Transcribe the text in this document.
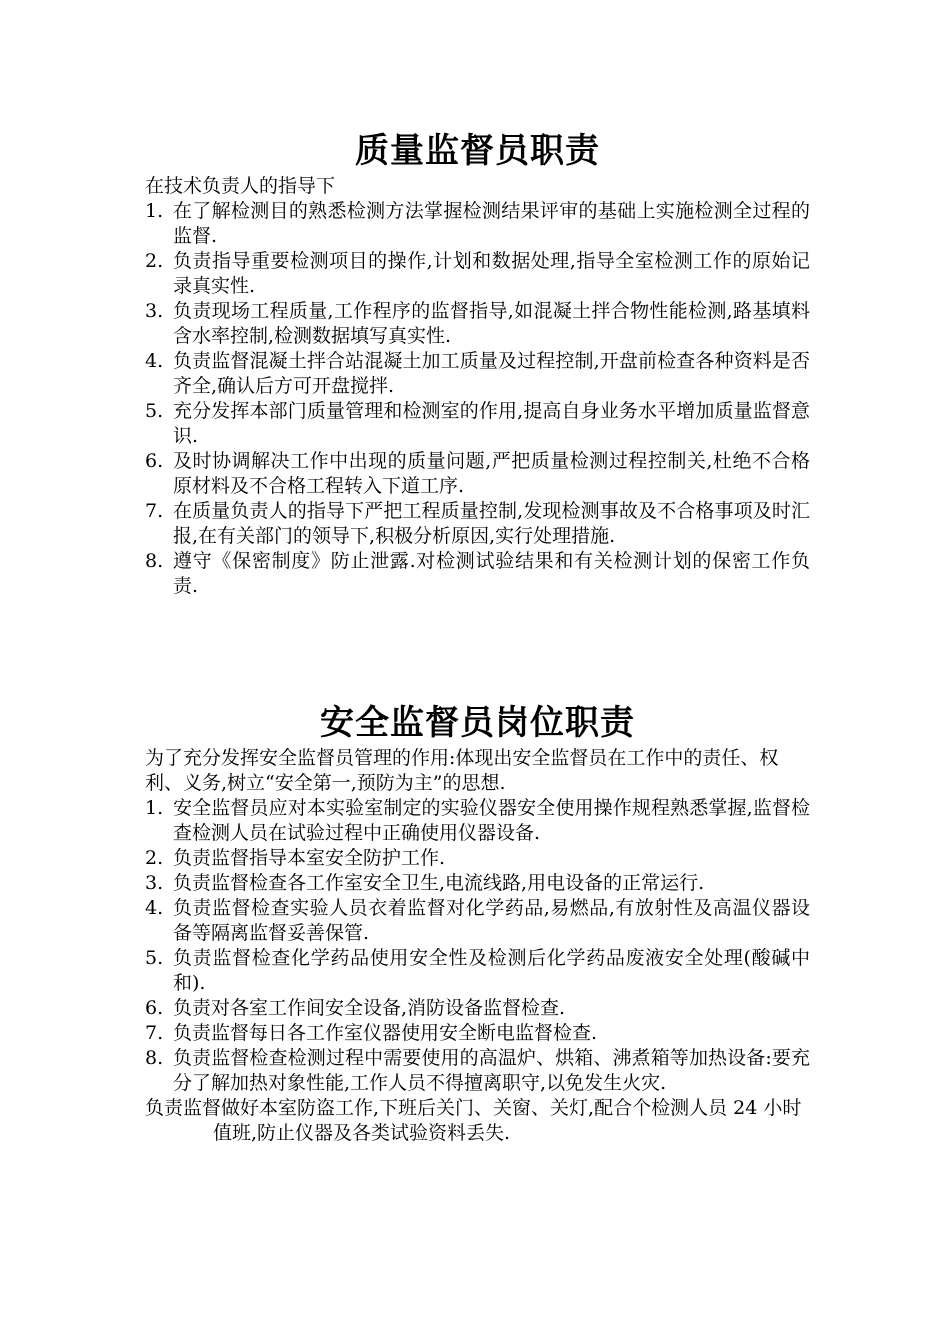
质量监督员职责

在技术负责人的指导下

1. 在了解检测目的熟悉检测方法掌握检测结果评审的基础上实施检测全过程的监督.
2. 负责指导重要检测项目的操作,计划和数据处理,指导全室检测工作的原始记录真实性.
3. 负责现场工程质量,工作程序的监督指导,如混凝土拌合物性能检测,路基填料含水率控制,检测数据填写真实性.
4. 负责监督混凝土拌合站混凝土加工质量及过程控制,开盘前检查各种资料是否齐全,确认后方可开盘搅拌.
5. 充分发挥本部门质量管理和检测室的作用,提高自身业务水平增加质量监督意识.
6. 及时协调解决工作中出现的质量问题,严把质量检测过程控制关,杜绝不合格原材料及不合格工程转入下道工序.
7. 在质量负责人的指导下严把工程质量控制,发现检测事故及不合格事项及时汇报,在有关部门的领导下,积极分析原因,实行处理措施.
8. 遵守《保密制度》防止泄露.对检测试验结果和有关检测计划的保密工作负责.
安全监督员岗位职责

为了充分发挥安全监督员管理的作用:体现出安全监督员在工作中的责任、权利、义务,树立“安全第一,预防为主”的思想.

1. 安全监督员应对本实验室制定的实验仪器安全使用操作规程熟悉掌握,监督检查检测人员在试验过程中正确使用仪器设备.
2. 负责监督指导本室安全防护工作.
3. 负责监督检查各工作室安全卫生,电流线路,用电设备的正常运行.
4. 负责监督检查实验人员衣着监督对化学药品,易燃品,有放射性及高温仪器设备等隔离监督妥善保管.
5. 负责监督检查化学药品使用安全性及检测后化学药品废液安全处理(酸碱中和).
6. 负责对各室工作间安全设备,消防设备监督检查.
7. 负责监督每日各工作室仪器使用安全断电监督检查.
8. 负责监督检查检测过程中需要使用的高温炉、烘箱、沸煮箱等加热设备:要充分了解加热对象性能,工作人员不得擅离职守,以免发生火灾.

负责监督做好本室防盗工作,下班后关门、关窗、关灯,配合个检测人员 24 小时值班,防止仪器及各类试验资料丢失.
